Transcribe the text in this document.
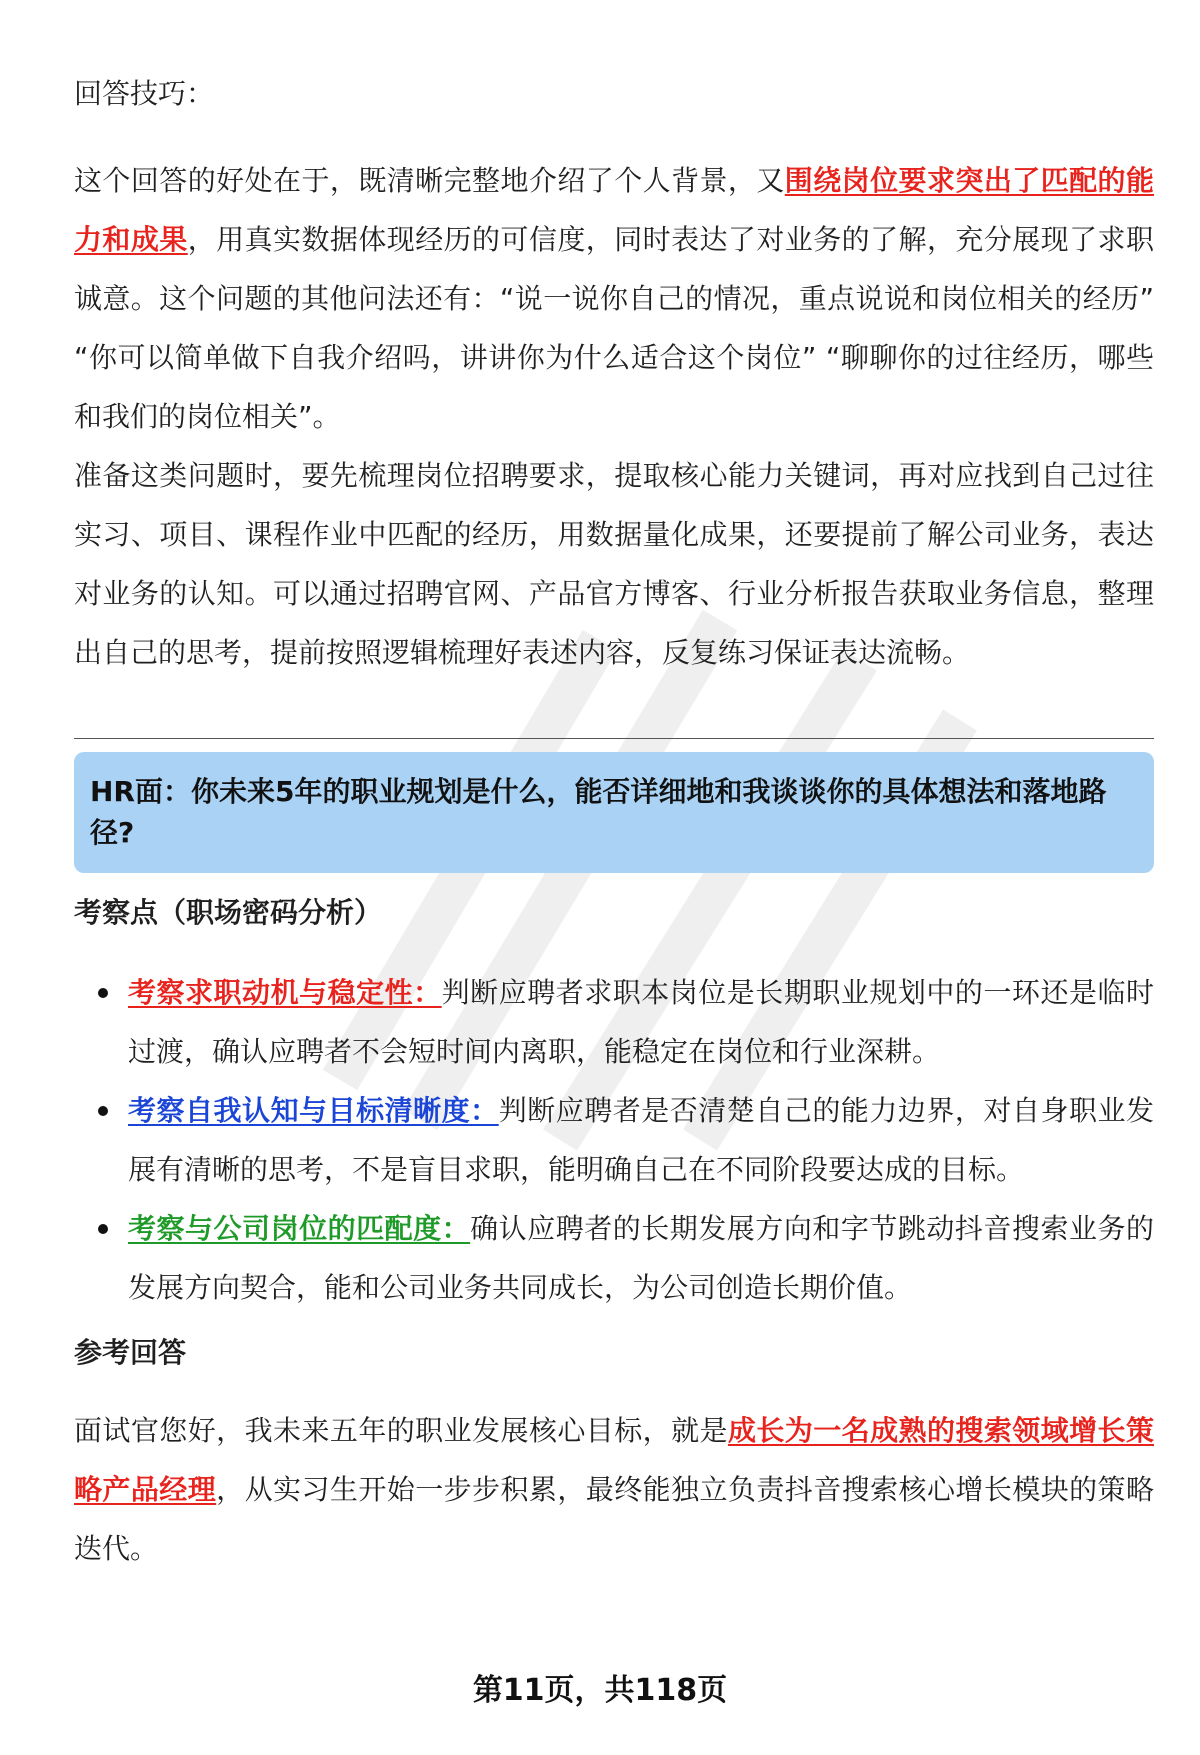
回答技巧：

这个回答的好处在于，既清晰完整地介绍了个人背景，又围绕岗位要求突出了匹配的能力和成果，用真实数据体现经历的可信度，同时表达了对业务的了解，充分展现了求职诚意。这个问题的其他问法还有：“说一说你自己的情况，重点说说和岗位相关的经历” “你可以简单做下自我介绍吗，讲讲你为什么适合这个岗位” “聊聊你的过往经历，哪些和我们的岗位相关”。

准备这类问题时，要先梳理岗位招聘要求，提取核心能力关键词，再对应找到自己过往实习、项目、课程作业中匹配的经历，用数据量化成果，还要提前了解公司业务，表达对业务的认知。可以通过招聘官网、产品官方博客、行业分析报告获取业务信息，整理出自己的思考，提前按照逻辑梳理好表述内容，反复练习保证表达流畅。

HR面：你未来5年的职业规划是什么，能否详细地和我谈谈你的具体想法和落地路径?
考察点（职场密码分析）
考察求职动机与稳定性：判断应聘者求职本岗位是长期职业规划中的一环还是临时过渡，确认应聘者不会短时间内离职，能稳定在岗位和行业深耕。
考察自我认知与目标清晰度：判断应聘者是否清楚自己的能力边界，对自身职业发展有清晰的思考，不是盲目求职，能明确自己在不同阶段要达成的目标。
考察与公司岗位的匹配度：确认应聘者的长期发展方向和字节跳动抖音搜索业务的发展方向契合，能和公司业务共同成长，为公司创造长期价值。
参考回答

面试官您好，我未来五年的职业发展核心目标，就是成长为一名成熟的搜索领域增长策略产品经理，从实习生开始一步步积累，最终能独立负责抖音搜索核心增长模块的策略迭代。

第11页，共118页
